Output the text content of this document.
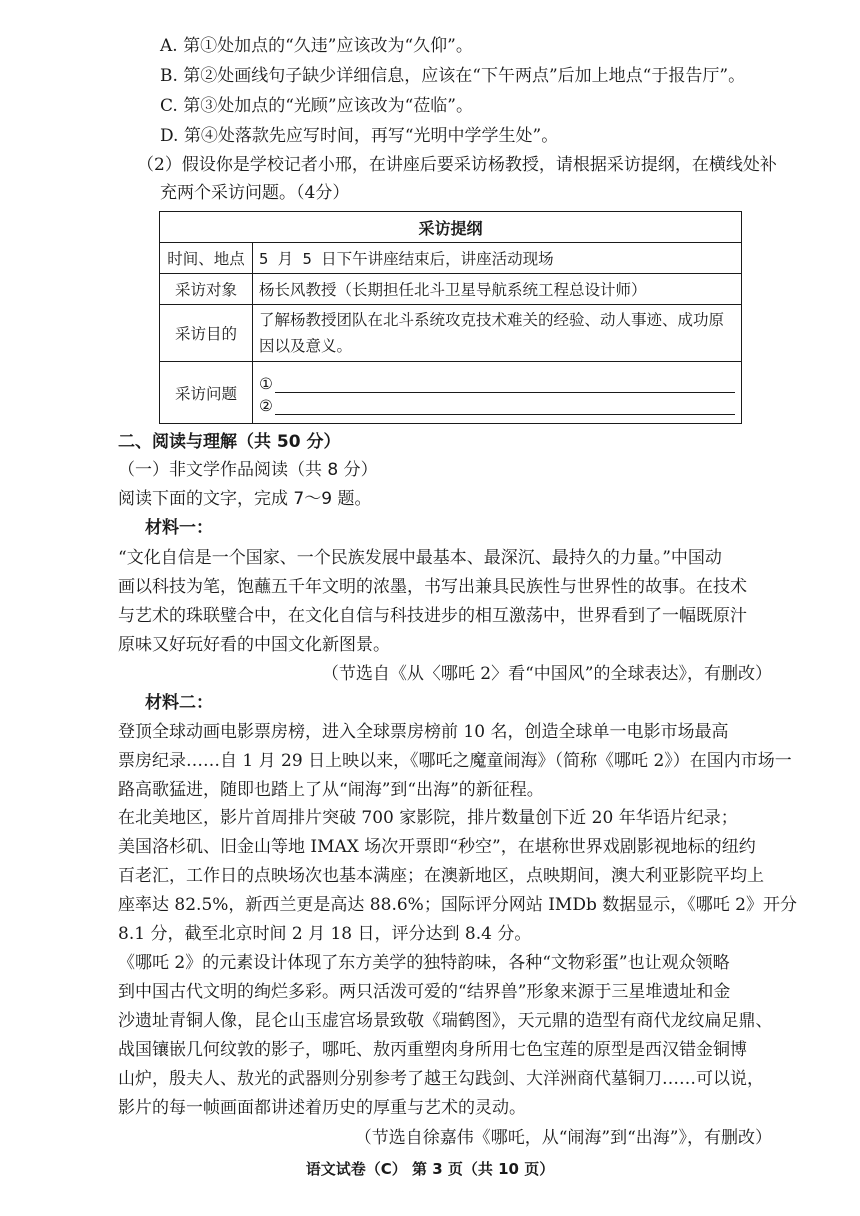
A. 第①处加点的“久违”应该改为“久仰”。
B. 第②处画线句子缺少详细信息，应该在“下午两点”后加上地点“于报告厅”。
C. 第③处加点的“光顾”应该改为“莅临”。
D. 第④处落款先应写时间，再写“光明中学学生处”。
（2）假设你是学校记者小邢，在讲座后要采访杨教授，请根据采访提纲，在横线处补
充两个采访问题。（4分）
采访提纲	
时间、地点	5 月 5 日下午讲座结束后，讲座活动现场
采访对象	杨长风教授（长期担任北斗卫星导航系统工程总设计师）
采访目的	了解杨教授团队在北斗系统攻克技术难关的经验、动人事迹、成功原因以及意义。
采访问题	①
②
二、阅读与理解（共 50 分）
（一）非文学作品阅读（共 8 分）
阅读下面的文字，完成 7～9 题。
材料一：
“文化自信是一个国家、一个民族发展中最基本、最深沉、最持久的力量。”中国动
画以科技为笔，饱蘸五千年文明的浓墨，书写出兼具民族性与世界性的故事。在技术
与艺术的珠联璧合中，在文化自信与科技进步的相互激荡中，世界看到了一幅既原汁
原味又好玩好看的中国文化新图景。
（节选自《从〈哪吒 2〉看“中国风”的全球表达》，有删改）
材料二：
登顶全球动画电影票房榜，进入全球票房榜前 10 名，创造全球单一电影市场最高
票房纪录……自 1 月 29 日上映以来，《哪吒之魔童闹海》（简称《哪吒 2》）在国内市场一
路高歌猛进，随即也踏上了从“闹海”到“出海”的新征程。
在北美地区，影片首周排片突破 700 家影院，排片数量创下近 20 年华语片纪录；
美国洛杉矶、旧金山等地 IMAX 场次开票即“秒空”，在堪称世界戏剧影视地标的纽约
百老汇，工作日的点映场次也基本满座；在澳新地区，点映期间，澳大利亚影院平均上
座率达 82.5%，新西兰更是高达 88.6%；国际评分网站 IMDb 数据显示，《哪吒 2》开分
8.1 分，截至北京时间 2 月 18 日，评分达到 8.4 分。
《哪吒 2》的元素设计体现了东方美学的独特韵味，各种“文物彩蛋”也让观众领略
到中国古代文明的绚烂多彩。两只活泼可爱的“结界兽”形象来源于三星堆遗址和金
沙遗址青铜人像，昆仑山玉虚宫场景致敬《瑞鹤图》，天元鼎的造型有商代龙纹扁足鼎、
战国镶嵌几何纹敦的影子，哪吒、敖丙重塑肉身所用七色宝莲的原型是西汉错金铜博
山炉，殷夫人、敖光的武器则分别参考了越王勾践剑、大洋洲商代墓铜刀……可以说，
影片的每一帧画面都讲述着历史的厚重与艺术的灵动。
（节选自徐嘉伟《哪吒，从“闹海”到“出海”》，有删改）
语文试卷（C） 第 3 页（共 10 页）
